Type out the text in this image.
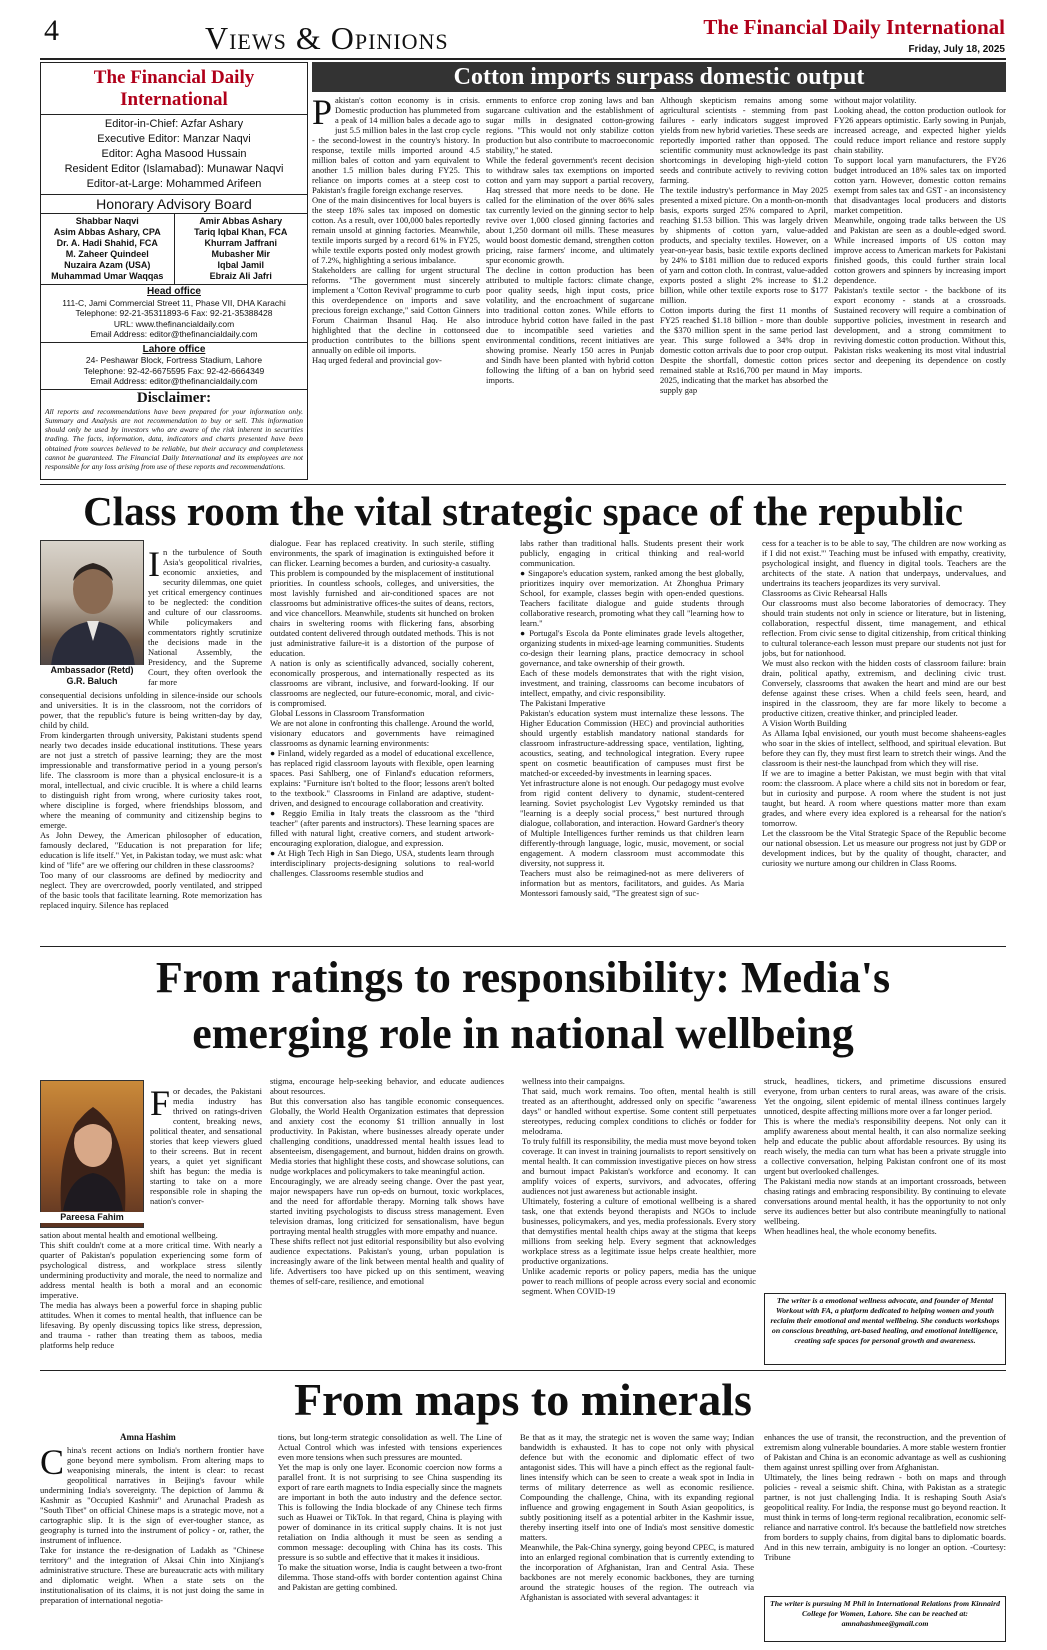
4	Views & Opinions	The Financial Daily International
Friday, July 18, 2025
The Financial Daily International
Editor-in-Chief: Azfar Ashary
Executive Editor: Manzar Naqvi
Editor: Agha Masood Hussain
Resident Editor (Islamabad): Munawar Naqvi
Editor-at-Large: Mohammed Arifeen
Honorary Advisory Board
Shabbar Naqvi
Asim Abbas Ashary, CPA
Dr. A. Hadi Shahid, FCA
M. Zaheer Quindeel
Nuzaira Azam (USA)
Muhammad Umar Waqqas
Amir Abbas Ashary
Tariq Iqbal Khan, FCA
Khurram Jaffrani
Mubasher Mir
Iqbal Jamil
Ebraiz Ali Jafri
Head office
111-C, Jami Commercial Street 11, Phase VII, DHA Karachi
Telephone: 92-21-35311893-6 Fax: 92-21-35388428
URL: www.thefinancialdaily.com
Email Address: editor@thefinancialdaily.com
Lahore office
24- Peshawar Block, Fortress Stadium, Lahore
Telephone: 92-42-6675595 Fax: 92-42-6664349
Email Address: editor@thefinancialdaily.com
Disclaimer:
All reports and recommendations have been prepared for your information only. Summary and Analysis are not recommendation to buy or sell. This information should only be used by investors who are aware of the risk inherent in securities trading. The facts, information, data, indicators and charts presented have been obtained from sources believed to be reliable, but their accuracy and completeness cannot be guaranteed. The Financial Daily International and its employees are not responsible for any loss arising from use of these reports and recommendations.
Cotton imports surpass domestic output
Pakistan's cotton economy is in crisis. Domestic production has plummeted from a peak of 14 million bales a decade ago to just 5.5 million bales in the last crop cycle - the second-lowest in the country's history. In response, textile mills imported around 4.5 million bales of cotton and yarn equivalent to another 1.5 million bales during FY25. This reliance on imports comes at a steep cost to Pakistan's fragile foreign exchange reserves.
One of the main disincentives for local buyers is the steep 18% sales tax imposed on domestic cotton. As a result, over 100,000 bales reportedly remain unsold at ginning factories. Meanwhile, textile imports surged by a record 61% in FY25, while textile exports posted only modest growth of 7.2%, highlighting a serious imbalance.
Stakeholders are calling for urgent structural reforms. "The government must sincerely implement a 'Cotton Revival' programme to curb this overdependence on imports and save precious foreign exchange," said Cotton Ginners Forum Chairman Ihsanul Haq. He also highlighted that the decline in cottonseed production contributes to the billions spent annually on edible oil imports.
Haq urged federal and provincial gov-
ernments to enforce crop zoning laws and ban sugarcane cultivation and the establishment of sugar mills in designated cotton-growing regions. "This would not only stabilize cotton production but also contribute to macroeconomic stability," he stated.
While the federal government's recent decision to withdraw sales tax exemptions on imported cotton and yarn may support a partial recovery, Haq stressed that more needs to be done. He called for the elimination of the over 86% sales tax currently levied on the ginning sector to help revive over 1,000 closed ginning factories and about 1,250 dormant oil mills. These measures would boost domestic demand, strengthen cotton pricing, raise farmers' income, and ultimately spur economic growth.
The decline in cotton production has been attributed to multiple factors: climate change, poor quality seeds, high input costs, price volatility, and the encroachment of sugarcane into traditional cotton zones. While efforts to introduce hybrid cotton have failed in the past due to incompatible seed varieties and environmental conditions, recent initiatives are showing promise. Nearly 150 acres in Punjab and Sindh have been planted with hybrid cotton following the lifting of a ban on hybrid seed imports.
Although skepticism remains among some agricultural scientists - stemming from past failures - early indicators suggest improved yields from new hybrid varieties. These seeds are reportedly imported rather than opposed. The scientific community must acknowledge its past shortcomings in developing high-yield cotton seeds and contribute actively to reviving cotton farming.
The textile industry's performance in May 2025 presented a mixed picture. On a month-on-month basis, exports surged 25% compared to April, reaching $1.53 billion. This was largely driven by shipments of cotton yarn, value-added products, and specialty textiles. However, on a year-on-year basis, basic textile exports declined by 24% to $181 million due to reduced exports of yarn and cotton cloth. In contrast, value-added exports posted a slight 2% increase to $1.2 billion, while other textile exports rose to $177 million.
Cotton imports during the first 11 months of FY25 reached $1.18 billion - more than double the $370 million spent in the same period last year. This surge followed a 34% drop in domestic cotton arrivals due to poor crop output. Despite the shortfall, domestic cotton prices remained stable at Rs16,700 per maund in May 2025, indicating that the market has absorbed the supply gap
without major volatility.
Looking ahead, the cotton production outlook for FY26 appears optimistic. Early sowing in Punjab, increased acreage, and expected higher yields could reduce import reliance and restore supply chain stability.
To support local yarn manufacturers, the FY26 budget introduced an 18% sales tax on imported cotton yarn. However, domestic cotton remains exempt from sales tax and GST - an inconsistency that disadvantages local producers and distorts market competition.
Meanwhile, ongoing trade talks between the US and Pakistan are seen as a double-edged sword. While increased imports of US cotton may improve access to American markets for Pakistani finished goods, this could further strain local cotton growers and spinners by increasing import dependence.
Pakistan's textile sector - the backbone of its export economy - stands at a crossroads. Sustained recovery will require a combination of supportive policies, investment in research and development, and a strong commitment to reviving domestic cotton production. Without this, Pakistan risks weakening its most vital industrial sector and deepening its dependence on costly imports.
Class room the vital strategic space of the republic
Ambassador (Retd)
G.R. Baluch
In the turbulence of South Asia's geopolitical rivalries, economic anxieties, and security dilemmas, one quiet yet critical emergency continues to be neglected: the condition and culture of our classrooms. While policymakers and commentators rightly scrutinize the decisions made in the National Assembly, the Presidency, and the Supreme Court, they often overlook the far more
consequential decisions unfolding in silence-inside our schools and universities. It is in the classroom, not the corridors of power, that the republic's future is being written-day by day, child by child.
From kindergarten through university, Pakistani students spend nearly two decades inside educational institutions. These years are not just a stretch of passive learning; they are the most impressionable and transformative period in a young person's life. The classroom is more than a physical enclosure-it is a moral, intellectual, and civic crucible. It is where a child learns to distinguish right from wrong, where curiosity takes root, where discipline is forged, where friendships blossom, and where the meaning of community and citizenship begins to emerge.
As John Dewey, the American philosopher of education, famously declared, "Education is not preparation for life; education is life itself." Yet, in Pakistan today, we must ask: what kind of "life" are we offering our children in these classrooms?
Too many of our classrooms are defined by mediocrity and neglect. They are overcrowded, poorly ventilated, and stripped of the basic tools that facilitate learning. Rote memorization has replaced inquiry. Silence has replaced
dialogue. Fear has replaced creativity. In such sterile, stifling environments, the spark of imagination is extinguished before it can flicker. Learning becomes a burden, and curiosity-a casualty.
This problem is compounded by the misplacement of institutional priorities. In countless schools, colleges, and universities, the most lavishly furnished and air-conditioned spaces are not classrooms but administrative offices-the suites of deans, rectors, and vice chancellors. Meanwhile, students sit hunched on broken chairs in sweltering rooms with flickering fans, absorbing outdated content delivered through outdated methods. This is not just administrative failure-it is a distortion of the purpose of education.
A nation is only as scientifically advanced, socially coherent, economically prosperous, and internationally respected as its classrooms are vibrant, inclusive, and forward-looking. If our classrooms are neglected, our future-economic, moral, and civic-is compromised.
Global Lessons in Classroom Transformation
We are not alone in confronting this challenge. Around the world, visionary educators and governments have reimagined classrooms as dynamic learning environments:
● Finland, widely regarded as a model of educational excellence, has replaced rigid classroom layouts with flexible, open learning spaces. Pasi Sahlberg, one of Finland's education reformers, explains: "Furniture isn't bolted to the floor; lessons aren't bolted to the textbook." Classrooms in Finland are adaptive, student-driven, and designed to encourage collaboration and creativity.
● Reggio Emilia in Italy treats the classroom as the "third teacher" (after parents and instructors). These learning spaces are filled with natural light, creative corners, and student artwork-encouraging exploration, dialogue, and expression.
● At High Tech High in San Diego, USA, students learn through interdisciplinary projects-designing solutions to real-world challenges. Classrooms resemble studios and
labs rather than traditional halls. Students present their work publicly, engaging in critical thinking and real-world communication.
● Singapore's education system, ranked among the best globally, prioritizes inquiry over memorization. At Zhonghua Primary School, for example, classes begin with open-ended questions. Teachers facilitate dialogue and guide students through collaborative research, promoting what they call "learning how to learn."
● Portugal's Escola da Ponte eliminates grade levels altogether, organizing students in mixed-age learning communities. Students co-design their learning plans, practice democracy in school governance, and take ownership of their growth.
Each of these models demonstrates that with the right vision, investment, and training, classrooms can become incubators of intellect, empathy, and civic responsibility.
The Pakistani Imperative
Pakistan's education system must internalize these lessons. The Higher Education Commission (HEC) and provincial authorities should urgently establish mandatory national standards for classroom infrastructure-addressing space, ventilation, lighting, acoustics, seating, and technological integration. Every rupee spent on cosmetic beautification of campuses must first be matched-or exceeded-by investments in learning spaces.
Yet infrastructure alone is not enough. Our pedagogy must evolve from rigid content delivery to dynamic, student-centered learning. Soviet psychologist Lev Vygotsky reminded us that "learning is a deeply social process," best nurtured through dialogue, collaboration, and interaction. Howard Gardner's theory of Multiple Intelligences further reminds us that children learn differently-through language, logic, music, movement, or social engagement. A modern classroom must accommodate this diversity, not suppress it.
Teachers must also be reimagined-not as mere deliverers of information but as mentors, facilitators, and guides. As Maria Montessori famously said, "The greatest sign of suc-
cess for a teacher is to be able to say, 'The children are now working as if I did not exist.'" Teaching must be infused with empathy, creativity, psychological insight, and fluency in digital tools. Teachers are the architects of the state. A nation that underpays, undervalues, and undertrains its teachers jeopardizes its very survival.
Classrooms as Civic Rehearsal Halls
Our classrooms must also become laboratories of democracy. They should train students not only in science or literature, but in listening, collaboration, respectful dissent, time management, and ethical reflection. From civic sense to digital citizenship, from critical thinking to cultural tolerance-each lesson must prepare our students not just for jobs, but for nationhood.
We must also reckon with the hidden costs of classroom failure: brain drain, political apathy, extremism, and declining civic trust. Conversely, classrooms that awaken the heart and mind are our best defense against these crises. When a child feels seen, heard, and inspired in the classroom, they are far more likely to become a productive citizen, creative thinker, and principled leader.
A Vision Worth Building
As Allama Iqbal envisioned, our youth must become shaheens-eagles who soar in the skies of intellect, selfhood, and spiritual elevation. But before they can fly, they must first learn to stretch their wings. And the classroom is their nest-the launchpad from which they will rise.
If we are to imagine a better Pakistan, we must begin with that vital room: the classroom. A place where a child sits not in boredom or fear, but in curiosity and purpose. A room where the student is not just taught, but heard. A room where questions matter more than exam grades, and where every idea explored is a rehearsal for the nation's tomorrow.
Let the classroom be the Vital Strategic Space of the Republic become our national obsession. Let us measure our progress not just by GDP or development indices, but by the quality of thought, character, and curiosity we nurture among our children in Class Rooms.
From ratings to responsibility: Media's
emerging role in national wellbeing
Pareesa Fahim
For decades, the Pakistani media industry has thrived on ratings-driven content, breaking news, political theater, and sensational stories that keep viewers glued to their screens. But in recent years, a quiet yet significant shift has begun: the media is starting to take on a more responsible role in shaping the nation's conver-
sation about mental health and emotional wellbeing.
This shift couldn't come at a more critical time. With nearly a quarter of Pakistan's population experiencing some form of psychological distress, and workplace stress silently undermining productivity and morale, the need to normalize and address mental health is both a moral and an economic imperative.
The media has always been a powerful force in shaping public attitudes. When it comes to mental health, that influence can be lifesaving. By openly discussing topics like stress, depression, and trauma - rather than treating them as taboos, media platforms help reduce
stigma, encourage help-seeking behavior, and educate audiences about resources.
But this conversation also has tangible economic consequences. Globally, the World Health Organization estimates that depression and anxiety cost the economy $1 trillion annually in lost productivity. In Pakistan, where businesses already operate under challenging conditions, unaddressed mental health issues lead to absenteeism, disengagement, and burnout, hidden drains on growth. Media stories that highlight these costs, and showcase solutions, can nudge workplaces and policymakers to take meaningful action.
Encouragingly, we are already seeing change. Over the past year, major newspapers have run op-eds on burnout, toxic workplaces, and the need for affordable therapy. Morning talk shows have started inviting psychologists to discuss stress management. Even television dramas, long criticized for sensationalism, have begun portraying mental health struggles with more empathy and nuance.
These shifts reflect not just editorial responsibility but also evolving audience expectations. Pakistan's young, urban population is increasingly aware of the link between mental health and quality of life. Advertisers too have picked up on this sentiment, weaving themes of self-care, resilience, and emotional
wellness into their campaigns.
That said, much work remains. Too often, mental health is still treated as an afterthought, addressed only on specific "awareness days" or handled without expertise. Some content still perpetuates stereotypes, reducing complex conditions to clichés or fodder for melodrama.
To truly fulfill its responsibility, the media must move beyond token coverage. It can invest in training journalists to report sensitively on mental health. It can commission investigative pieces on how stress and burnout impact Pakistan's workforce and economy. It can amplify voices of experts, survivors, and advocates, offering audiences not just awareness but actionable insight.
Ultimately, fostering a culture of emotional wellbeing is a shared task, one that extends beyond therapists and NGOs to include businesses, policymakers, and yes, media professionals. Every story that demystifies mental health chips away at the stigma that keeps millions from seeking help. Every segment that acknowledges workplace stress as a legitimate issue helps create healthier, more productive organizations.
Unlike academic reports or policy papers, media has the unique power to reach millions of people across every social and economic segment. When COVID-19
struck, headlines, tickers, and primetime discussions ensured everyone, from urban centers to rural areas, was aware of the crisis. Yet the ongoing, silent epidemic of mental illness continues largely unnoticed, despite affecting millions more over a far longer period.
This is where the media's responsibility deepens. Not only can it amplify awareness about mental health, it can also normalize seeking help and educate the public about affordable resources. By using its reach wisely, the media can turn what has been a private struggle into a collective conversation, helping Pakistan confront one of its most urgent but overlooked challenges.
The Pakistani media now stands at an important crossroads, between chasing ratings and embracing responsibility. By continuing to elevate conversations around mental health, it has the opportunity to not only serve its audiences better but also contribute meaningfully to national wellbeing.
When headlines heal, the whole economy benefits.
The writer is a emotional wellness advocate, and founder of Mental Workout with FA, a platform dedicated to helping women and youth reclaim their emotional and mental wellbeing. She conducts workshops on conscious breathing, art-based healing, and emotional intelligence, creating safe spaces for personal growth and awareness.
From maps to minerals
Amna Hashim
China's recent actions on India's northern frontier have gone beyond mere symbolism. From altering maps to weaponising minerals, the intent is clear: to recast geopolitical narratives in Beijing's favour while undermining India's sovereignty. The depiction of Jammu & Kashmir as "Occupied Kashmir" and Arunachal Pradesh as "South Tibet" on official Chinese maps is a strategic move, not a cartographic slip. It is the sign of ever-tougher stance, as geography is turned into the instrument of policy - or, rather, the instrument of influence.
Take for instance the re-designation of Ladakh as "Chinese territory" and the integration of Aksai Chin into Xinjiang's administrative structure. These are bureaucratic acts with military and diplomatic weight. When a state sets on the institutionalisation of its claims, it is not just doing the same in preparation of international negotia-
tions, but long-term strategic consolidation as well. The Line of Actual Control which was infested with tensions experiences even more tensions when such pressures are mounted.
Yet the map is only one layer. Economic coercion now forms a parallel front. It is not surprising to see China suspending its export of rare earth magnets to India especially since the magnets are important in both the auto industry and the defence sector. This is following the India blockade of any Chinese tech firms such as Huawei or TikTok. In that regard, China is playing with power of dominance in its critical supply chains. It is not just retaliation on India although it must be seen as sending a common message: decoupling with China has its costs. This pressure is so subtle and effective that it makes it insidious.
To make the situation worse, India is caught between a two-front dilemma. Those stand-offs with border contention against China and Pakistan are getting combined.
Be that as it may, the strategic net is woven the same way; Indian bandwidth is exhausted. It has to cope not only with physical defence but with the economic and diplomatic effect of two antagonist sides. This will have a pinch effect as the regional fault-lines intensify which can be seen to create a weak spot in India in terms of military deterrence as well as economic resilience. Compounding the challenge, China, with its expanding regional influence and growing engagement in South Asian geopolitics, is subtly positioning itself as a potential arbiter in the Kashmir issue, thereby inserting itself into one of India's most sensitive domestic matters.
Meanwhile, the Pak-China synergy, going beyond CPEC, is matured into an enlarged regional combination that is currently extending to the incorporation of Afghanistan, Iran and Central Asia. These backbones are not merely economic backbones, they are turning around the strategic houses of the region. The outreach via Afghanistan is associated with several advantages: it
enhances the use of transit, the reconstruction, and the prevention of extremism along vulnerable boundaries. A more stable western frontier of Pakistan and China is an economic advantage as well as cushioning them against unrest spilling over from Afghanistan.
Ultimately, the lines being redrawn - both on maps and through policies - reveal a seismic shift. China, with Pakistan as a strategic partner, is not just challenging India. It is reshaping South Asia's geopolitical reality. For India, the response must go beyond reaction. It must think in terms of long-term regional recalibration, economic self-reliance and narrative control. It's because the battlefield now stretches from borders to supply chains, from digital bans to diplomatic boards. And in this new terrain, ambiguity is no longer an option. -Courtesy: Tribune
The writer is pursuing M Phil in International Relations from Kinnaird College for Women, Lahore. She can be reached at: amnahashmee@gmail.com
